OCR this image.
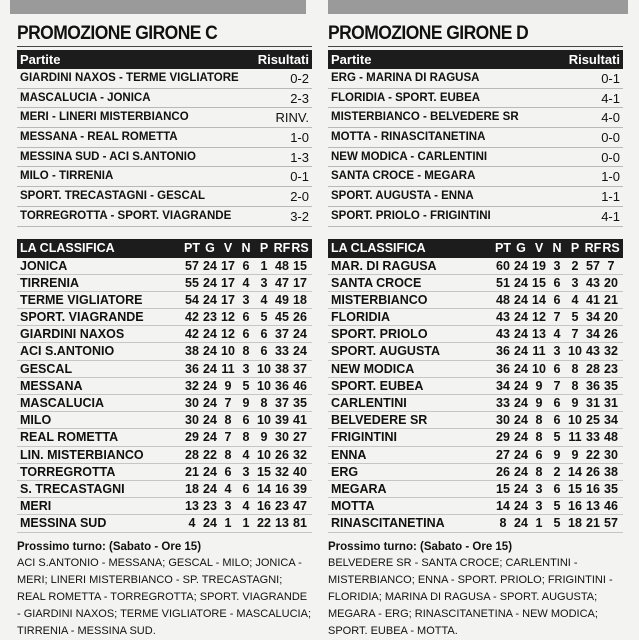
PROMOZIONE GIRONE C
Partite	Risultati
GIARDINI NAXOS - TERME VIGLIATORE	0-2
MASCALUCIA - JONICA	2-3
MERI - LINERI MISTERBIANCO	RINV.
MESSANA - REAL ROMETTA	1-0
MESSINA SUD - ACI S.ANTONIO	1-3
MILO - TIRRENIA	0-1
SPORT. TRECASTAGNI - GESCAL	2-0
TORREGROTTA - SPORT. VIAGRANDE	3-2
LA CLASSIFICA	PT G V N P RF RS
JONICA	57 24 17 6 1 48 15
TIRRENIA	55 24 17 4 3 47 17
TERME VIGLIATORE	54 24 17 3 4 49 18
SPORT. VIAGRANDE	42 23 12 6 5 45 26
GIARDINI NAXOS	42 24 12 6 6 37 24
ACI S.ANTONIO	38 24 10 8 6 33 24
GESCAL	36 24 11 3 10 38 37
MESSANA	32 24 9 5 10 36 46
MASCALUCIA	30 24 7 9 8 37 35
MILO	30 24 8 6 10 39 41
REAL ROMETTA	29 24 7 8 9 30 27
LIN. MISTERBIANCO	28 22 8 4 10 26 32
TORREGROTTA	21 24 6 3 15 32 40
S. TRECASTAGNI	18 24 4 6 14 16 39
MERI	13 23 3 4 16 23 47
MESSINA SUD	4 24 1 1 22 13 81
Prossimo turno: (Sabato - Ore 15)
ACI S.ANTONIO - MESSANA; GESCAL - MILO; JONICA - MERI; LINERI MISTERBIANCO - SP. TRECASTAGNI; REAL ROMETTA - TORREGROTTA; SPORT. VIAGRANDE - GIARDINI NAXOS; TERME VIGLIATORE - MASCALUCIA; TIRRENIA - MESSINA SUD.
PROMOZIONE GIRONE D
Partite	Risultati
ERG - MARINA DI RAGUSA	0-1
FLORIDIA - SPORT. EUBEA	4-1
MISTERBIANCO - BELVEDERE SR	4-0
MOTTA - RINASCITANETINA	0-0
NEW MODICA - CARLENTINI	0-0
SANTA CROCE - MEGARA	1-0
SPORT. AUGUSTA - ENNA	1-1
SPORT. PRIOLO - FRIGINTINI	4-1
LA CLASSIFICA	PT G V N P RF RS
MAR. DI RAGUSA	60 24 19 3 2 57 7
SANTA CROCE	51 24 15 6 3 43 20
MISTERBIANCO	48 24 14 6 4 41 21
FLORIDIA	43 24 12 7 5 34 20
SPORT. PRIOLO	43 24 13 4 7 34 26
SPORT. AUGUSTA	36 24 11 3 10 43 32
NEW MODICA	36 24 10 6 8 28 23
SPORT. EUBEA	34 24 9 7 8 36 35
CARLENTINI	33 24 9 6 9 31 31
BELVEDERE SR	30 24 8 6 10 25 34
FRIGINTINI	29 24 8 5 11 33 48
ENNA	27 24 6 9 9 22 30
ERG	26 24 8 2 14 26 38
MEGARA	15 24 3 6 15 16 35
MOTTA	14 24 3 5 16 13 46
RINASCITANETINA	8 24 1 5 18 21 57
Prossimo turno: (Sabato - Ore 15)
BELVEDERE SR - SANTA CROCE; CARLENTINI - MISTERBIANCO; ENNA - SPORT. PRIOLO; FRIGINTINI - FLORIDIA; MARINA DI RAGUSA - SPORT. AUGUSTA; MEGARA - ERG; RINASCITANETINA - NEW MODICA; SPORT. EUBEA - MOTTA.
